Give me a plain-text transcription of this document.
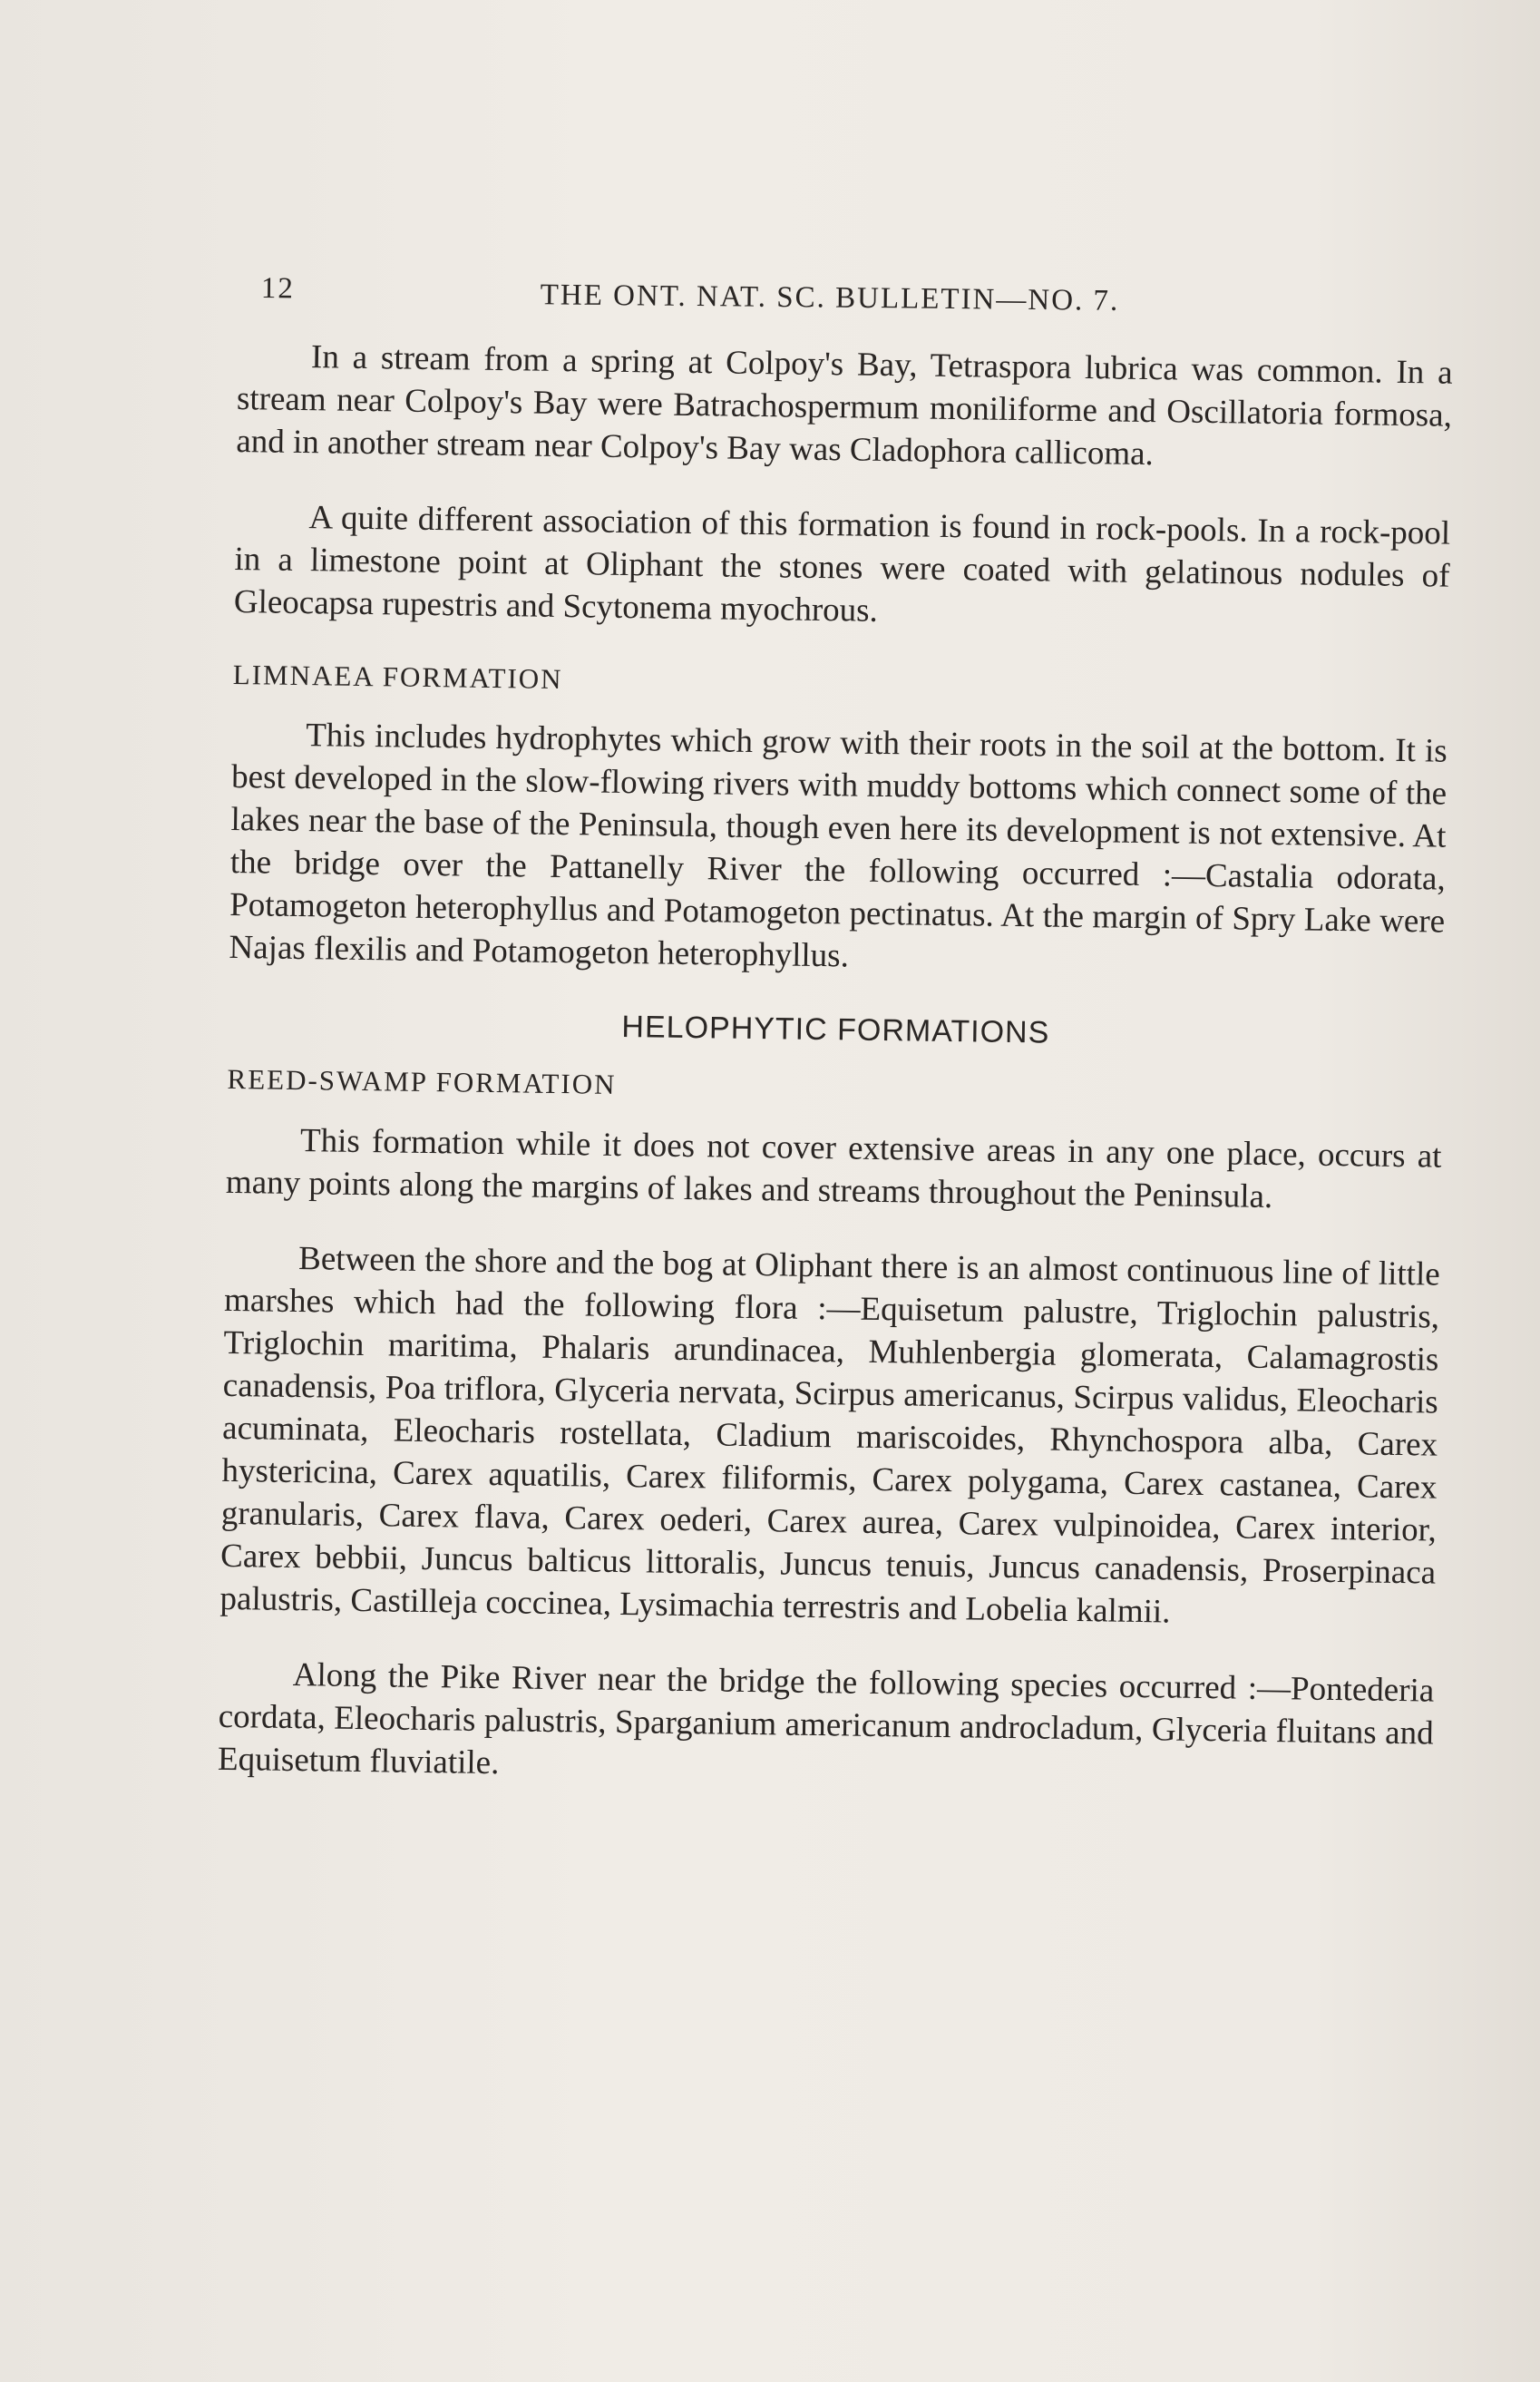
12	THE ONT. NAT. SC. BULLETIN—NO. 7.

In a stream from a spring at Colpoy's Bay, Tetraspora lubrica was common. In a stream near Colpoy's Bay were Batrachospermum moniliforme and Oscillatoria formosa, and in another stream near Colpoy's Bay was Cladophora callicoma.

A quite different association of this formation is found in rock-pools. In a rock-pool in a limestone point at Oliphant the stones were coated with gelatinous nodules of Gleocapsa rupestris and Scytonema myochrous.

LIMNAEA FORMATION

This includes hydrophytes which grow with their roots in the soil at the bottom. It is best developed in the slow-flowing rivers with muddy bottoms which connect some of the lakes near the base of the Peninsula, though even here its development is not extensive. At the bridge over the Pattanelly River the following occurred :—Castalia odorata, Potamogeton heterophyllus and Potamogeton pectinatus. At the margin of Spry Lake were Najas flexilis and Potamogeton heterophyllus.

HELOPHYTIC FORMATIONS
REED-SWAMP FORMATION

This formation while it does not cover extensive areas in any one place, occurs at many points along the margins of lakes and streams throughout the Peninsula.

Between the shore and the bog at Oliphant there is an almost continuous line of little marshes which had the following flora :—Equisetum palustre, Triglochin palustris, Triglochin maritima, Phalaris arundinacea, Muhlenbergia glomerata, Calamagrostis canadensis, Poa triflora, Glyceria nervata, Scirpus americanus, Scirpus validus, Eleocharis acuminata, Eleocharis rostellata, Cladium mariscoides, Rhynchospora alba, Carex hystericina, Carex aquatilis, Carex filiformis, Carex polygama, Carex castanea, Carex granularis, Carex flava, Carex oederi, Carex aurea, Carex vulpinoidea, Carex interior, Carex bebbii, Juncus balticus littoralis, Juncus tenuis, Juncus canadensis, Proserpinaca palustris, Castilleja coccinea, Lysimachia terrestris and Lobelia kalmii.

Along the Pike River near the bridge the following species occurred :—Pontederia cordata, Eleocharis palustris, Sparganium americanum androcladum, Glyceria fluitans and Equisetum fluviatile.
